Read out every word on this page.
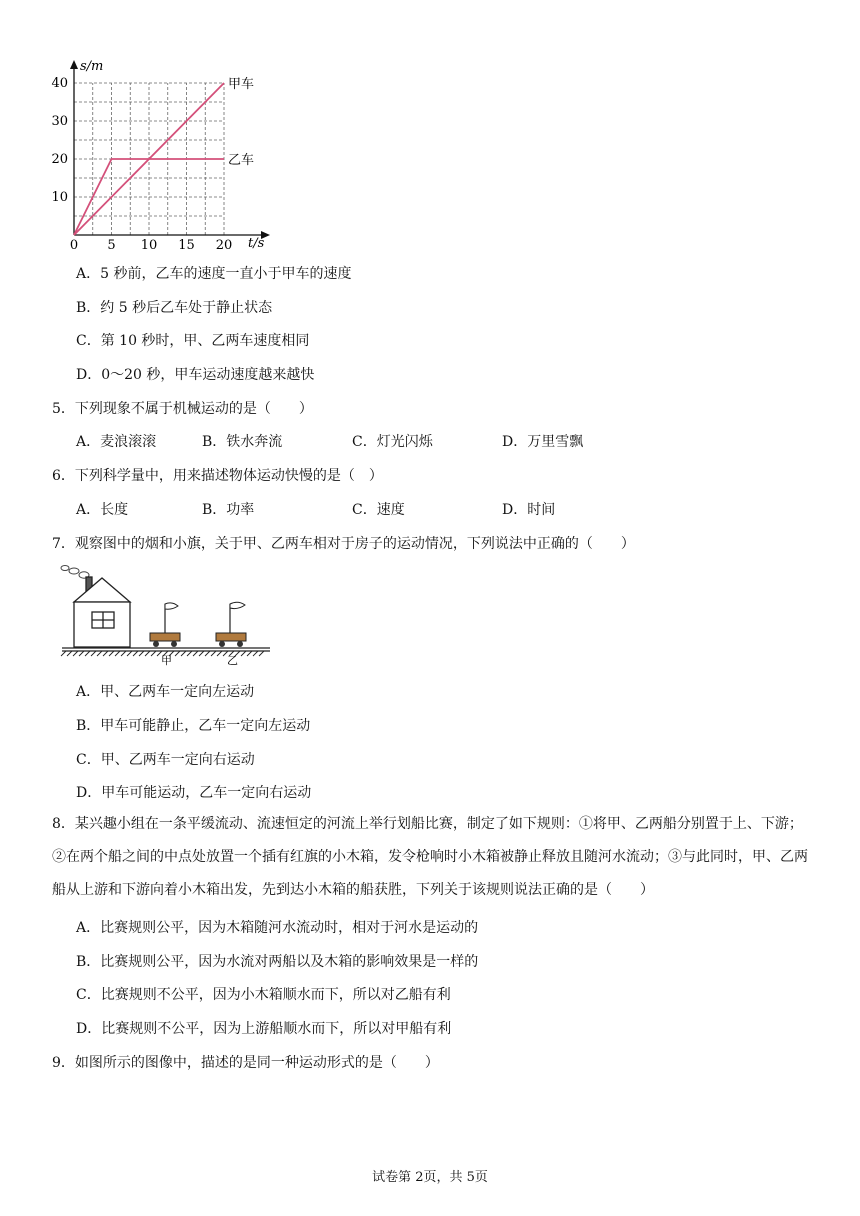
0 5 10 15 20
10
20
30
40
s/m
t/s
甲车
乙车
A．5 秒前，乙车的速度一直小于甲车的速度
B．约 5 秒后乙车处于静止状态
C．第 10 秒时，甲、乙两车速度相同
D．0～20 秒，甲车运动速度越来越快
5．下列现象不属于机械运动的是（　　）
A．麦浪滚滚	B．铁水奔流	C．灯光闪烁	D．万里雪飘
6．下列科学量中，用来描述物体运动快慢的是（　）
A．长度	B．功率	C．速度	D．时间
7．观察图中的烟和小旗，关于甲、乙两车相对于房子的运动情况，下列说法中正确的（　　）
甲	乙
A．甲、乙两车一定向左运动
B．甲车可能静止，乙车一定向左运动
C．甲、乙两车一定向右运动
D．甲车可能运动，乙车一定向右运动
8．某兴趣小组在一条平缓流动、流速恒定的河流上举行划船比赛，制定了如下规则：①将甲、乙两船分别置于上、下游；②在两个船之间的中点处放置一个插有红旗的小木箱，发令枪响时小木箱被静止释放且随河水流动；③与此同时，甲、乙两船从上游和下游向着小木箱出发，先到达小木箱的船获胜，下列关于该规则说法正确的是（　　）
A．比赛规则公平，因为木箱随河水流动时，相对于河水是运动的
B．比赛规则公平，因为水流对两船以及木箱的影响效果是一样的
C．比赛规则不公平，因为小木箱顺水而下，所以对乙船有利
D．比赛规则不公平，因为上游船顺水而下，所以对甲船有利
9．如图所示的图像中，描述的是同一种运动形式的是（　　）
试卷第 2页，共 5页
